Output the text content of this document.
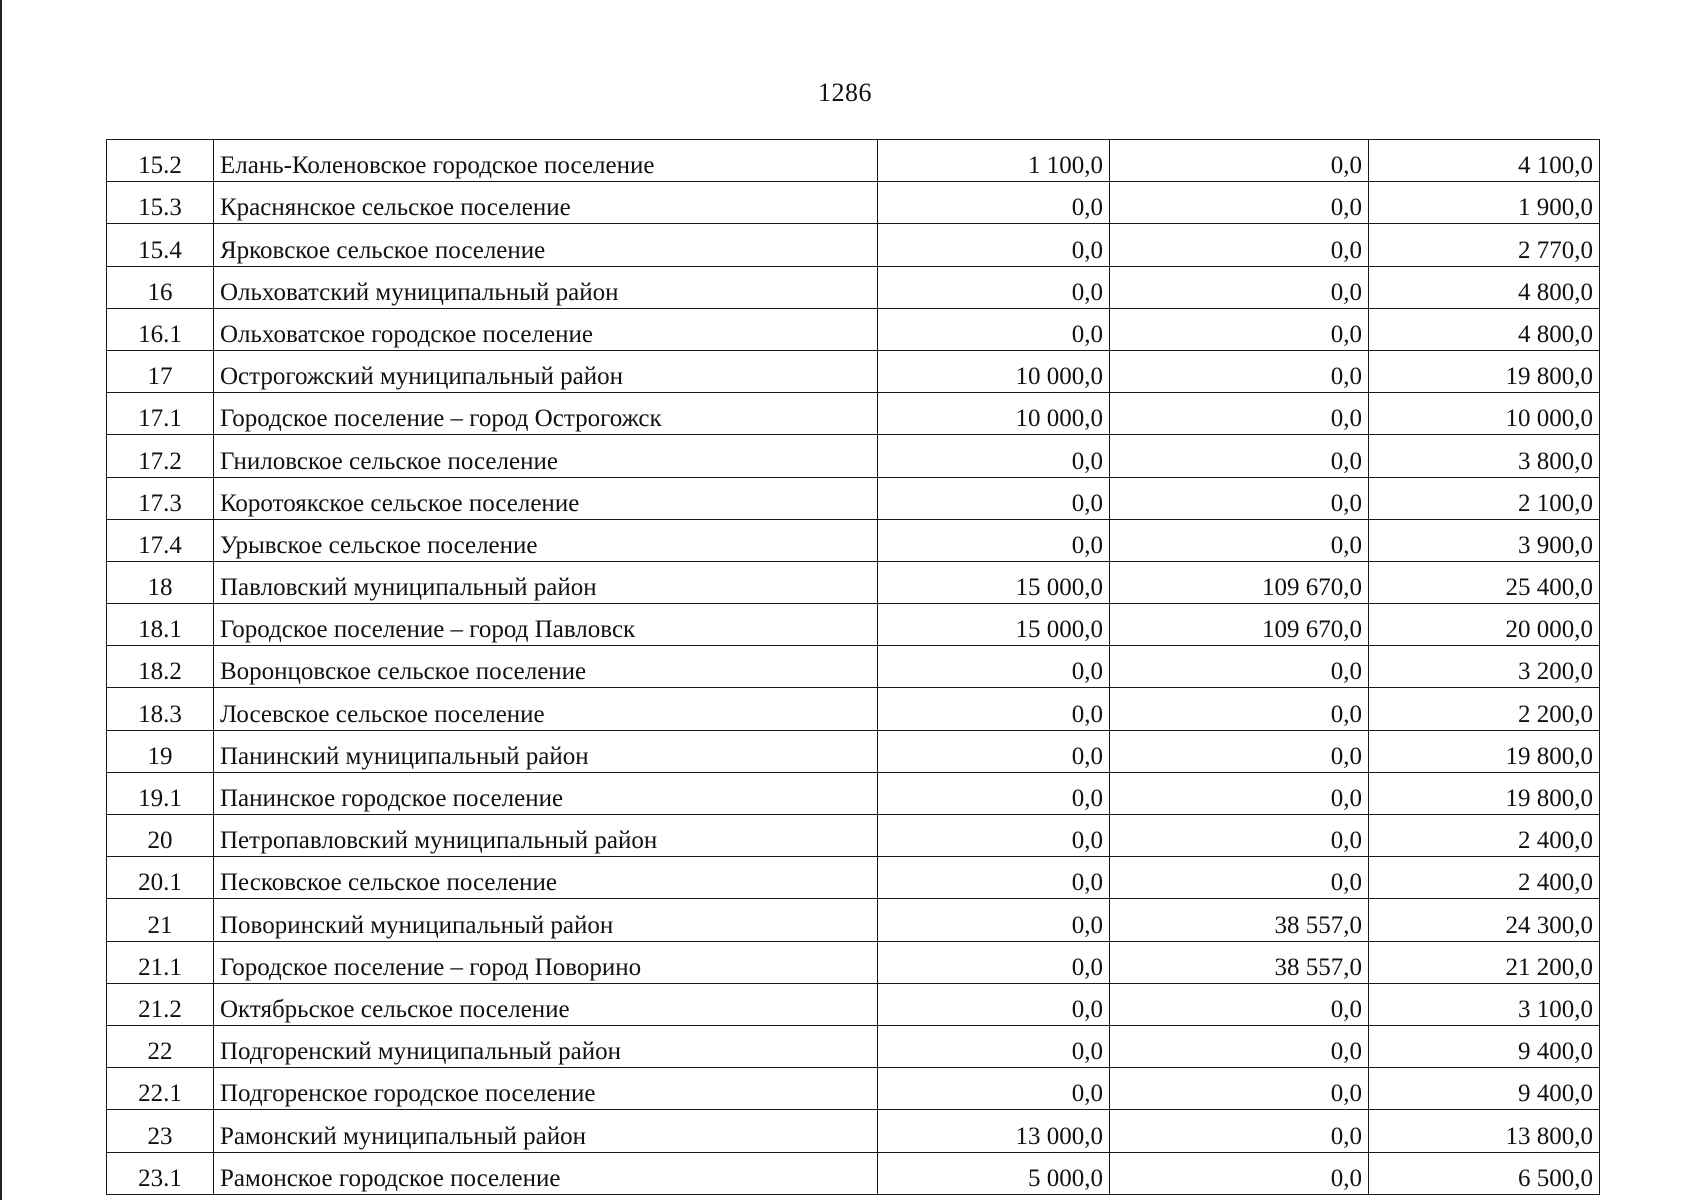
1286
15.2	Елань-Коленовское городское поселение	1 100,0	0,0	4 100,0
15.3	Краснянское сельское поселение	0,0	0,0	1 900,0
15.4	Ярковское сельское поселение	0,0	0,0	2 770,0
16	Ольховатский муниципальный район	0,0	0,0	4 800,0
16.1	Ольховатское городское поселение	0,0	0,0	4 800,0
17	Острогожский муниципальный район	10 000,0	0,0	19 800,0
17.1	Городское поселение – город Острогожск	10 000,0	0,0	10 000,0
17.2	Гниловское сельское поселение	0,0	0,0	3 800,0
17.3	Коротоякское сельское поселение	0,0	0,0	2 100,0
17.4	Урывское сельское поселение	0,0	0,0	3 900,0
18	Павловский муниципальный район	15 000,0	109 670,0	25 400,0
18.1	Городское поселение – город Павловск	15 000,0	109 670,0	20 000,0
18.2	Воронцовское сельское поселение	0,0	0,0	3 200,0
18.3	Лосевское сельское поселение	0,0	0,0	2 200,0
19	Панинский муниципальный район	0,0	0,0	19 800,0
19.1	Панинское городское поселение	0,0	0,0	19 800,0
20	Петропавловский муниципальный район	0,0	0,0	2 400,0
20.1	Песковское сельское поселение	0,0	0,0	2 400,0
21	Поворинский муниципальный район	0,0	38 557,0	24 300,0
21.1	Городское поселение – город Поворино	0,0	38 557,0	21 200,0
21.2	Октябрьское сельское поселение	0,0	0,0	3 100,0
22	Подгоренский муниципальный район	0,0	0,0	9 400,0
22.1	Подгоренское городское поселение	0,0	0,0	9 400,0
23	Рамонский муниципальный район	13 000,0	0,0	13 800,0
23.1	Рамонское городское поселение	5 000,0	0,0	6 500,0
